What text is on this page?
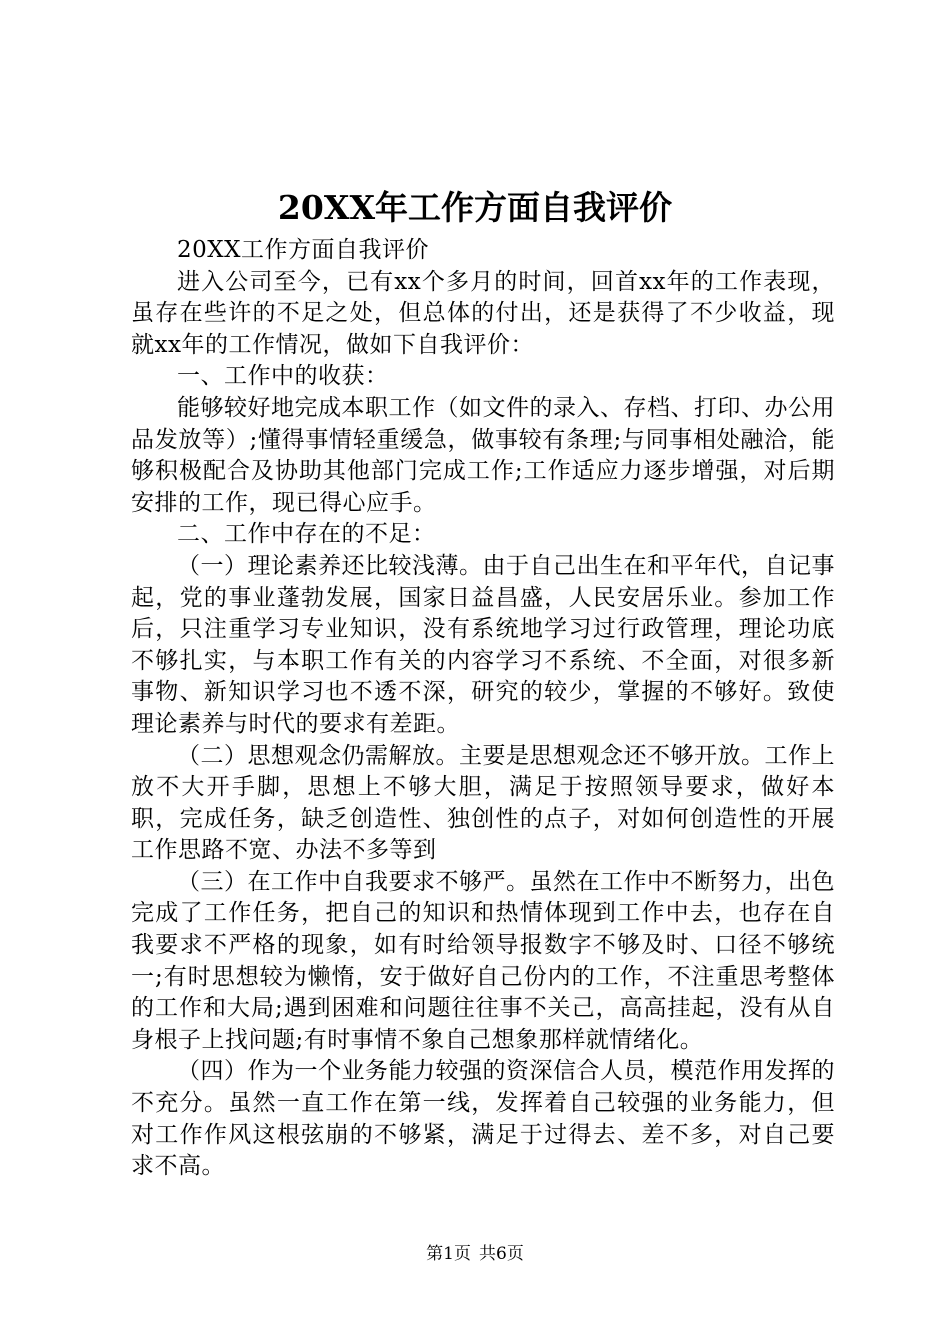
20XX年工作方面自我评价

20XX工作方面自我评价

进入公司至今，已有xx个多月的时间，回首xx年的工作表现，虽存在些许的不足之处，但总体的付出，还是获得了不少收益，现就xx年的工作情况，做如下自我评价：

一、工作中的收获：

能够较好地完成本职工作（如文件的录入、存档、打印、办公用品发放等）;懂得事情轻重缓急，做事较有条理;与同事相处融洽，能够积极配合及协助其他部门完成工作;工作适应力逐步增强，对后期安排的工作，现已得心应手。

二、工作中存在的不足：

（一）理论素养还比较浅薄。由于自己出生在和平年代，自记事起，党的事业蓬勃发展，国家日益昌盛，人民安居乐业。参加工作后，只注重学习专业知识，没有系统地学习过行政管理，理论功底不够扎实，与本职工作有关的内容学习不系统、不全面，对很多新事物、新知识学习也不透不深，研究的较少，掌握的不够好。致使理论素养与时代的要求有差距。

（二）思想观念仍需解放。主要是思想观念还不够开放。工作上放不大开手脚，思想上不够大胆，满足于按照领导要求，做好本职，完成任务，缺乏创造性、独创性的点子，对如何创造性的开展工作思路不宽、办法不多等到

（三）在工作中自我要求不够严。虽然在工作中不断努力，出色完成了工作任务，把自己的知识和热情体现到工作中去，也存在自我要求不严格的现象，如有时给领导报数字不够及时、口径不够统一;有时思想较为懒惰，安于做好自己份内的工作，不注重思考整体的工作和大局;遇到困难和问题往往事不关己，高高挂起，没有从自身根子上找问题;有时事情不象自己想象那样就情绪化。

（四）作为一个业务能力较强的资深信合人员，模范作用发挥的不充分。虽然一直工作在第一线，发挥着自己较强的业务能力，但对工作作风这根弦崩的不够紧，满足于过得去、差不多，对自己要求不高。

第1页 共6页
